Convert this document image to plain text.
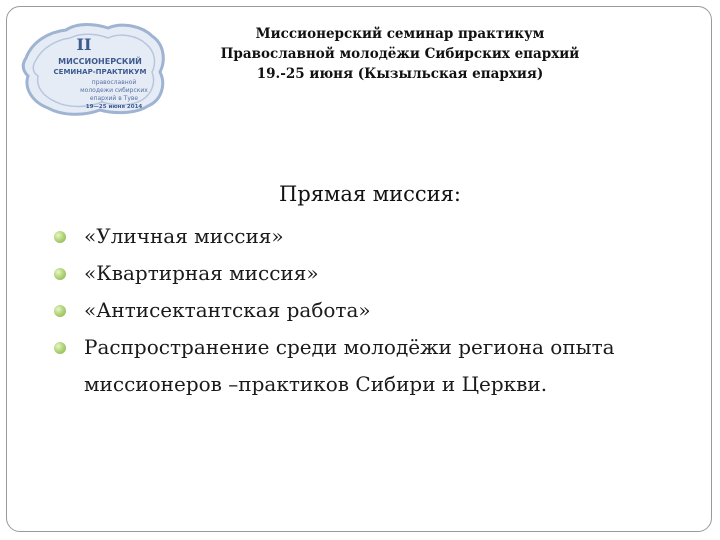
II
МИССИОНЕРСКИЙ
СЕМИНАР-ПРАКТИКУМ
православной
молодежи сибирских
епархий в Туве
19—25 июня 2014
Миссионерский семинар практикум
Православной молодёжи Сибирских епархий
19.-25 июня (Кызыльская епархия)
Прямая миссия:
«Уличная миссия»
«Квартирная миссия»
«Антисектантская работа»
Распространение среди молодёжи региона опыта миссионеров –практиков Сибири и Церкви.
